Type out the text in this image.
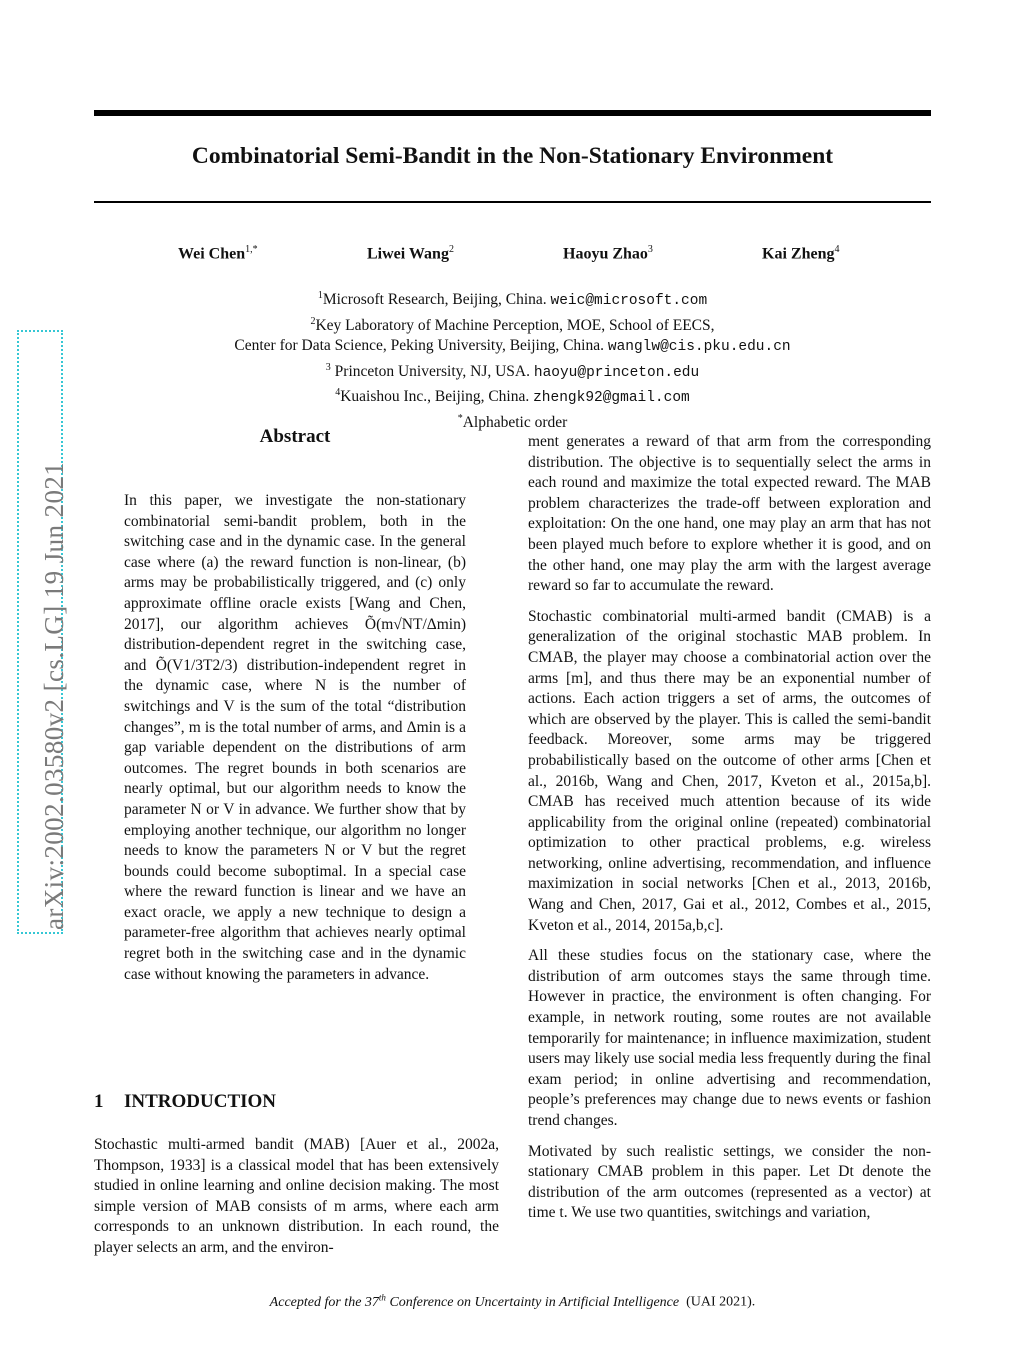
arXiv:2002.03580v2 [cs.LG] 19 Jun 2021
Combinatorial Semi-Bandit in the Non-Stationary Environment
Wei Chen$^{1,*}$	Liwei Wang$^2$	Haoyu Zhao$^3$	Kai Zheng$^4$
$^1$Microsoft Research, Beijing, China. weic@microsoft.com
$^2$Key Laboratory of Machine Perception, MOE, School of EECS,
Center for Data Science, Peking University, Beijing, China. wanglw@cis.pku.edu.cn
$^3$ Princeton University, NJ, USA. haoyu@princeton.edu
$^4$Kuaishou Inc., Beijing, China. zhengk92@gmail.com
*Alphabetic order
Abstract

In this paper, we investigate the non-stationary combinatorial semi-bandit problem, both in the switching case and in the dynamic case. In the general case where (a) the reward function is non-linear, (b) arms may be probabilistically triggered, and (c) only approximate offline oracle exists [Wang and Chen, 2017], our algorithm achieves Õ(m√NT/Δmin) distribution-dependent regret in the switching case, and Õ(V1/3T2/3) distribution-independent regret in the dynamic case, where N is the number of switchings and V is the sum of the total “distribution changes”, m is the total number of arms, and Δmin is a gap variable dependent on the distributions of arm outcomes. The regret bounds in both scenarios are nearly optimal, but our algorithm needs to know the parameter N or V in advance. We further show that by employing another technique, our algorithm no longer needs to know the parameters N or V but the regret bounds could become suboptimal. In a special case where the reward function is linear and we have an exact oracle, we apply a new technique to design a parameter-free algorithm that achieves nearly optimal regret both in the switching case and in the dynamic case without knowing the parameters in advance.

1 INTRODUCTION

Stochastic multi-armed bandit (MAB) [Auer et al., 2002a, Thompson, 1933] is a classical model that has been extensively studied in online learning and online decision making. The most simple version of MAB consists of m arms, where each arm corresponds to an unknown distribution. In each round, the player selects an arm, and the environ-

ment generates a reward of that arm from the corresponding distribution. The objective is to sequentially select the arms in each round and maximize the total expected reward. The MAB problem characterizes the trade-off between exploration and exploitation: On the one hand, one may play an arm that has not been played much before to explore whether it is good, and on the other hand, one may play the arm with the largest average reward so far to accumulate the reward.

Stochastic combinatorial multi-armed bandit (CMAB) is a generalization of the original stochastic MAB problem. In CMAB, the player may choose a combinatorial action over the arms [m], and thus there may be an exponential number of actions. Each action triggers a set of arms, the outcomes of which are observed by the player. This is called the semi-bandit feedback. Moreover, some arms may be triggered probabilistically based on the outcome of other arms [Chen et al., 2016b, Wang and Chen, 2017, Kveton et al., 2015a,b]. CMAB has received much attention because of its wide applicability from the original online (repeated) combinatorial optimization to other practical problems, e.g. wireless networking, online advertising, recommendation, and influence maximization in social networks [Chen et al., 2013, 2016b, Wang and Chen, 2017, Gai et al., 2012, Combes et al., 2015, Kveton et al., 2014, 2015a,b,c].

All these studies focus on the stationary case, where the distribution of arm outcomes stays the same through time. However in practice, the environment is often changing. For example, in network routing, some routes are not available temporarily for maintenance; in influence maximization, student users may likely use social media less frequently during the final exam period; in online advertising and recommendation, people’s preferences may change due to news events or fashion trend changes.

Motivated by such realistic settings, we consider the non-stationary CMAB problem in this paper. Let Dt denote the distribution of the arm outcomes (represented as a vector) at time t. We use two quantities, switchings and variation,

Accepted for the 37th Conference on Uncertainty in Artificial Intelligence (UAI 2021).
